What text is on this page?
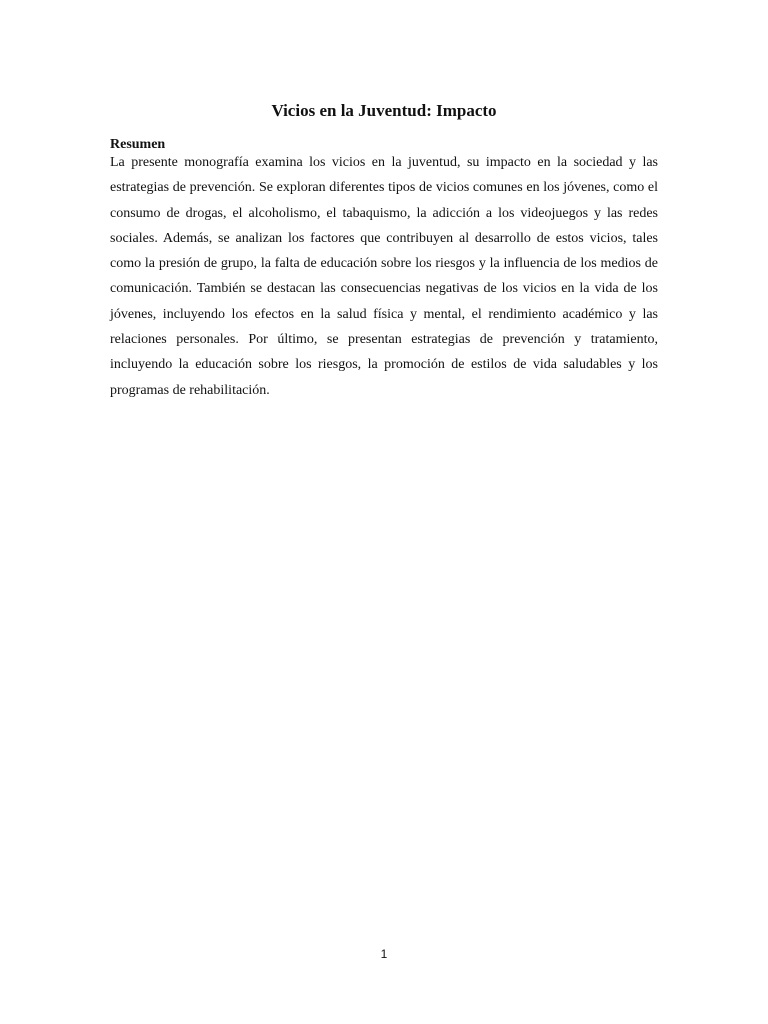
Vicios en la Juventud: Impacto
Resumen

La presente monografía examina los vicios en la juventud, su impacto en la sociedad y las estrategias de prevención. Se exploran diferentes tipos de vicios comunes en los jóvenes, como el consumo de drogas, el alcoholismo, el tabaquismo, la adicción a los videojuegos y las redes sociales. Además, se analizan los factores que contribuyen al desarrollo de estos vicios, tales como la presión de grupo, la falta de educación sobre los riesgos y la influencia de los medios de comunicación. También se destacan las consecuencias negativas de los vicios en la vida de los jóvenes, incluyendo los efectos en la salud física y mental, el rendimiento académico y las relaciones personales. Por último, se presentan estrategias de prevención y tratamiento, incluyendo la educación sobre los riesgos, la promoción de estilos de vida saludables y los programas de rehabilitación.

1
